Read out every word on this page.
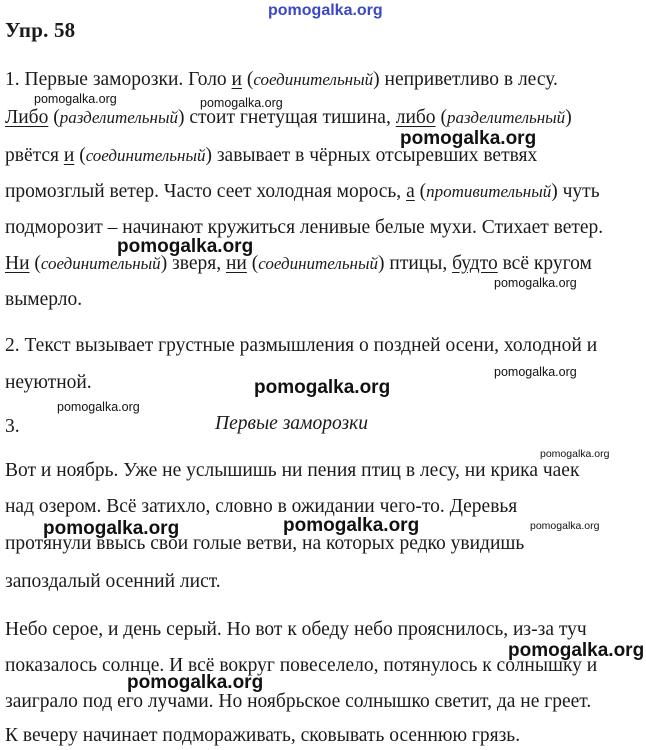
pomogalka.org
Упр. 58
1. Первые заморозки. Голо и (соединительный) неприветливо в лесу.
Либо (разделительный) стоит гнетущая тишина, либо (разделительный)
рвётся и (соединительный) завывает в чёрных отсыревших ветвях
промозглый ветер. Часто сеет холодная морось, а (противительный) чуть
подморозит – начинают кружиться ленивые белые мухи. Стихает ветер.
Ни (соединительный) зверя, ни (соединительный) птицы, будто всё кругом
вымерло.
2. Текст вызывает грустные размышления о поздней осени, холодной и
неуютной.
3.	Первые заморозки
Вот и ноябрь. Уже не услышишь ни пения птиц в лесу, ни крика чаек
над озером. Всё затихло, словно в ожидании чего-то. Деревья
протянули ввысь свои голые ветви, на которых редко увидишь
запоздалый осенний лист.
Небо серое, и день серый. Но вот к обеду небо прояснилось, из-за туч
показалось солнце. И всё вокруг повеселело, потянулось к солнышку и
заиграло под его лучами. Но ноябрьское солнышко светит, да не греет.
К вечеру начинает подмораживать, сковывать осеннюю грязь.
pomogalka.org	pomogalka.org
pomogalka.org
pomogalka.org
pomogalka.org
pomogalka.org
pomogalka.org
pomogalka.org
pomogalka.org
pomogalka.org
pomogalka.org	pomogalka.org
pomogalka.org
pomogalka.org
